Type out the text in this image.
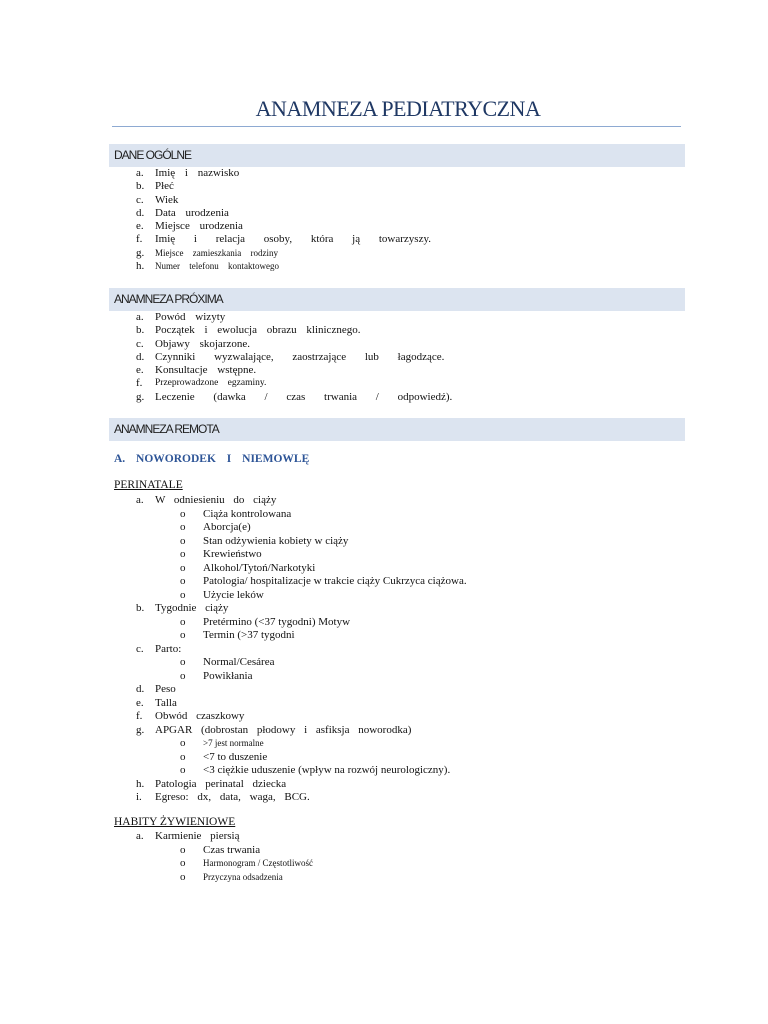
ANAMNEZA PEDIATRYCZNA
DANE OGÓLNE
a.	Imię i nazwisko
b. Płeć
c.	Wiek
d. Data urodzenia
e.	Miejsce urodzenia
f.	Imię i relacja osoby, która ją towarzyszy.
g.	Miejsce zamieszkania rodziny
h.	Numer telefonu kontaktowego
ANAMNEZA PRÓXIMA
a.	Powód wizyty
b. Początek i ewolucja obrazu klinicznego.
c.	Objawy skojarzone.
d. Czynniki wyzwalające, zaostrzające lub łagodzące.
e.	Konsultacje wstępne.
f.	Przeprowadzone egzaminy.
g. Leczenie (dawka / czas trwania / odpowiedź).
ANAMNEZA REMOTA
A. NOWORODEK I NIEMOWLĘ
PERINATALE
a. W odniesieniu do ciąży
o Ciąża kontrolowana
o Aborcja(e)
o Stan odżywienia kobiety w ciąży
o Krewieństwo
o Alkohol/Tytoń/Narkotyki
o Patologia/ hospitalizacje w trakcie ciąży Cukrzyca ciążowa.
o Użycie leków
b. Tygodnie ciąży
o Pretérmino (<37 tygodni) Motyw
o Termin (>37 tygodni
c. Parto:
o Normal/Cesárea
o Powikłania
d. Peso
e. Talla
f. Obwód czaszkowy
g. APGAR (dobrostan płodowy i asfiksja noworodka)
o >7 jest normalne
o <7 to duszenie
o <3 ciężkie uduszenie (wpływ na rozwój neurologiczny).
h. Patologia perinatal dziecka
i. Egreso: dx, data, waga, BCG.
HABITY ŻYWIENIOWE
a. Karmienie piersią
o Czas trwania
o Harmonogram / Częstotliwość
o Przyczyna odsadzenia
